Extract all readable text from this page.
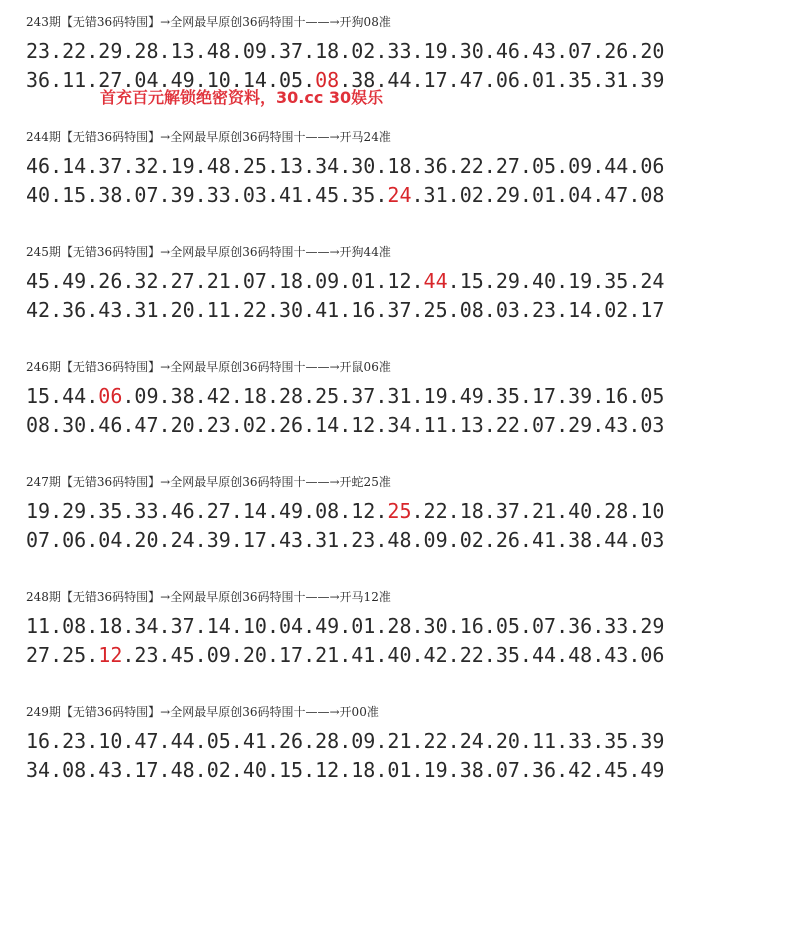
243期【无错36码特围】→全网最早原创36码特围十——→开狗08准
23.22.29.28.13.48.09.37.18.02.33.19.30.46.43.07.26.20
36.11.27.04.49.10.14.05.08.38.44.17.47.06.01.35.31.39
244期【无错36码特围】→全网最早原创36码特围十——→开马24准
46.14.37.32.19.48.25.13.34.30.18.36.22.27.05.09.44.06
40.15.38.07.39.33.03.41.45.35.24.31.02.29.01.04.47.08
245期【无错36码特围】→全网最早原创36码特围十——→开狗44准
45.49.26.32.27.21.07.18.09.01.12.44.15.29.40.19.35.24
42.36.43.31.20.11.22.30.41.16.37.25.08.03.23.14.02.17
246期【无错36码特围】→全网最早原创36码特围十——→开鼠06准
15.44.06.09.38.42.18.28.25.37.31.19.49.35.17.39.16.05
08.30.46.47.20.23.02.26.14.12.34.11.13.22.07.29.43.03
247期【无错36码特围】→全网最早原创36码特围十——→开蛇25准
19.29.35.33.46.27.14.49.08.12.25.22.18.37.21.40.28.10
07.06.04.20.24.39.17.43.31.23.48.09.02.26.41.38.44.03
248期【无错36码特围】→全网最早原创36码特围十——→开马12准
11.08.18.34.37.14.10.04.49.01.28.30.16.05.07.36.33.29
27.25.12.23.45.09.20.17.21.41.40.42.22.35.44.48.43.06
249期【无错36码特围】→全网最早原创36码特围十——→开00准
16.23.10.47.44.05.41.26.28.09.21.22.24.20.11.33.35.39
34.08.43.17.48.02.40.15.12.18.01.19.38.07.36.42.45.49
首充百元解锁绝密资料，30.cc 30娱乐
